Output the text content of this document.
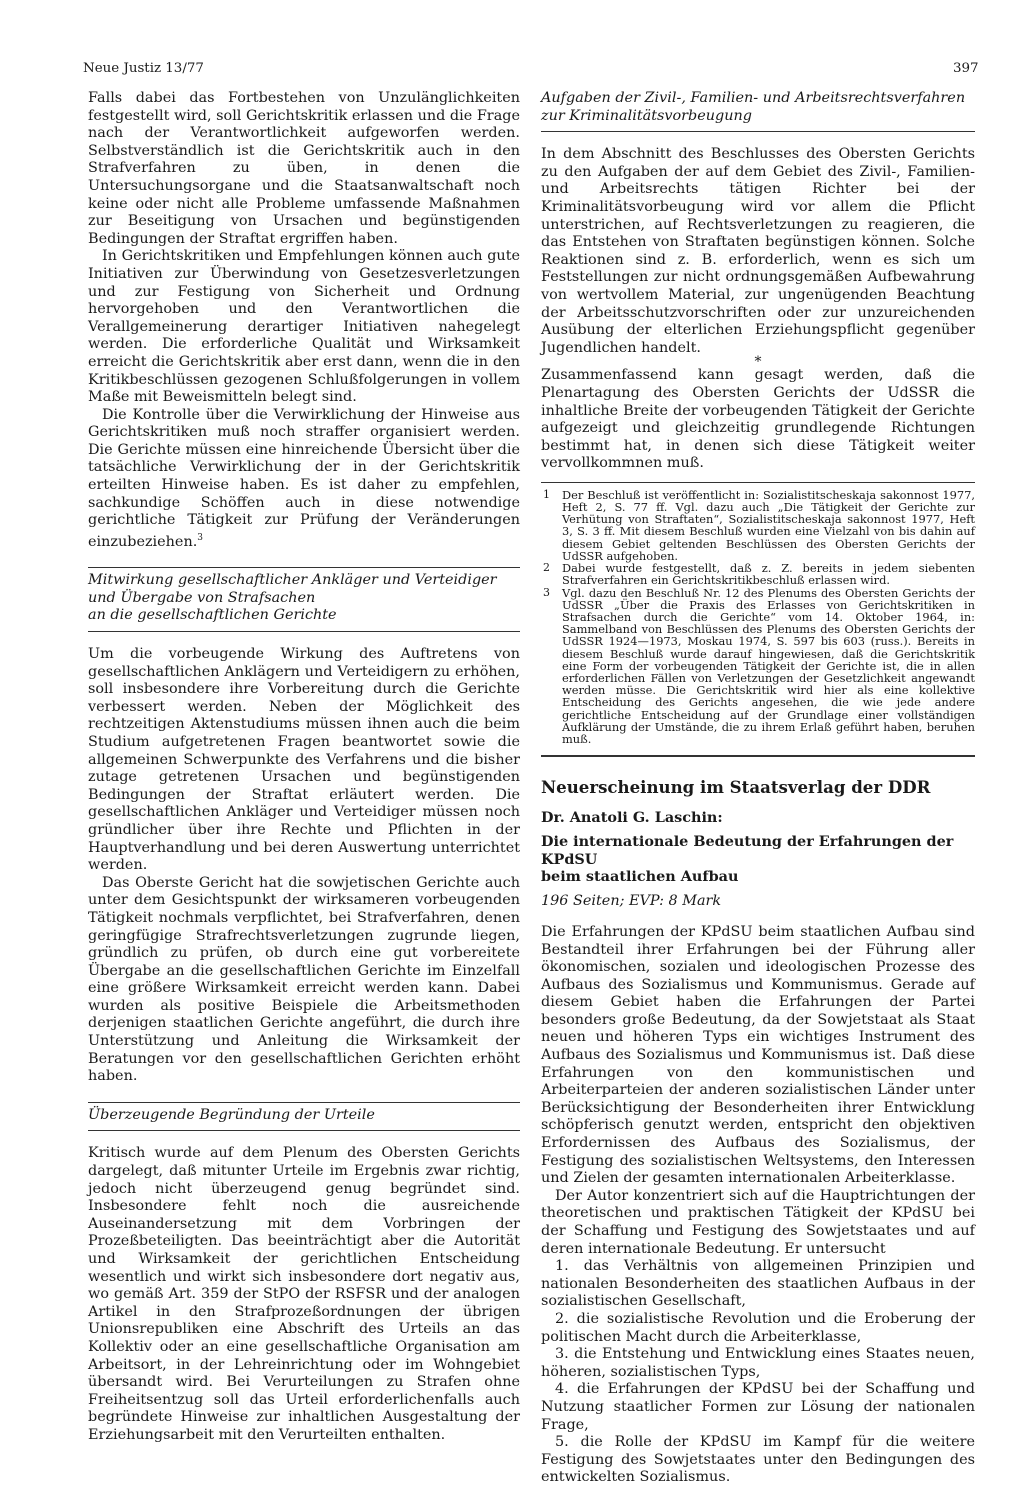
Neue Justiz 13/77	397

Falls dabei das Fortbestehen von Unzulänglichkeiten festgestellt wird, soll Gerichtskritik erlassen und die Frage nach der Verantwortlichkeit aufgeworfen werden. Selbstverständlich ist die Gerichtskritik auch in den Strafverfahren zu üben, in denen die Untersuchungsorgane und die Staatsanwaltschaft noch keine oder nicht alle Probleme umfassende Maßnahmen zur Beseitigung von Ursachen und begünstigenden Bedingungen der Straftat ergriffen haben.

In Gerichtskritiken und Empfehlungen können auch gute Initiativen zur Überwindung von Gesetzesverletzungen und zur Festigung von Sicherheit und Ordnung hervorgehoben und den Verantwortlichen die Verallgemeinerung derartiger Initiativen nahegelegt werden. Die erforderliche Qualität und Wirksamkeit erreicht die Gerichtskritik aber erst dann, wenn die in den Kritikbeschlüssen gezogenen Schlußfolgerungen in vollem Maße mit Beweismitteln belegt sind.

Die Kontrolle über die Verwirklichung der Hinweise aus Gerichtskritiken muß noch straffer organisiert werden. Die Gerichte müssen eine hinreichende Übersicht über die tatsächliche Verwirklichung der in der Gerichtskritik erteilten Hinweise haben. Es ist daher zu empfehlen, sachkundige Schöffen auch in diese notwendige gerichtliche Tätigkeit zur Prüfung der Veränderungen einzubeziehen.$^3$

Mitwirkung gesellschaftlicher Ankläger und Verteidiger
und Übergabe von Strafsachen
an die gesellschaftlichen Gerichte

Um die vorbeugende Wirkung des Auftretens von gesellschaftlichen Anklägern und Verteidigern zu erhöhen, soll insbesondere ihre Vorbereitung durch die Gerichte verbessert werden. Neben der Möglichkeit des rechtzeitigen Aktenstudiums müssen ihnen auch die beim Studium aufgetretenen Fragen beantwortet sowie die allgemeinen Schwerpunkte des Verfahrens und die bisher zutage getretenen Ursachen und begünstigenden Bedingungen der Straftat erläutert werden. Die gesellschaftlichen Ankläger und Verteidiger müssen noch gründlicher über ihre Rechte und Pflichten in der Hauptverhandlung und bei deren Auswertung unterrichtet werden.

Das Oberste Gericht hat die sowjetischen Gerichte auch unter dem Gesichtspunkt der wirksameren vorbeugenden Tätigkeit nochmals verpflichtet, bei Strafverfahren, denen geringfügige Strafrechtsverletzungen zugrunde liegen, gründlich zu prüfen, ob durch eine gut vorbereitete Übergabe an die gesellschaftlichen Gerichte im Einzelfall eine größere Wirksamkeit erreicht werden kann. Dabei wurden als positive Beispiele die Arbeitsmethoden derjenigen staatlichen Gerichte angeführt, die durch ihre Unterstützung und Anleitung die Wirksamkeit der Beratungen vor den gesellschaftlichen Gerichten erhöht haben.

Überzeugende Begründung der Urteile

Kritisch wurde auf dem Plenum des Obersten Gerichts dargelegt, daß mitunter Urteile im Ergebnis zwar richtig, jedoch nicht überzeugend genug begründet sind. Insbesondere fehlt noch die ausreichende Auseinandersetzung mit dem Vorbringen der Prozeßbeteiligten. Das beeinträchtigt aber die Autorität und Wirksamkeit der gerichtlichen Entscheidung wesentlich und wirkt sich insbesondere dort negativ aus, wo gemäß Art. 359 der StPO der RSFSR und der analogen Artikel in den Strafprozeßordnungen der übrigen Unionsrepubliken eine Abschrift des Urteils an das Kollektiv oder an eine gesellschaftliche Organisation am Arbeitsort, in der Lehreinrichtung oder im Wohngebiet übersandt wird. Bei Verurteilungen zu Strafen ohne Freiheitsentzug soll das Urteil erforderlichenfalls auch begründete Hinweise zur inhaltlichen Ausgestaltung der Erziehungsarbeit mit den Verurteilten enthalten.

Aufgaben der Zivil-, Familien- und Arbeitsrechtsverfahren
zur Kriminalitätsvorbeugung

In dem Abschnitt des Beschlusses des Obersten Gerichts zu den Aufgaben der auf dem Gebiet des Zivil-, Familien- und Arbeitsrechts tätigen Richter bei der Kriminalitätsvorbeugung wird vor allem die Pflicht unterstrichen, auf Rechtsverletzungen zu reagieren, die das Entstehen von Straftaten begünstigen können. Solche Reaktionen sind z. B. erforderlich, wenn es sich um Feststellungen zur nicht ordnungsgemäßen Aufbewahrung von wertvollem Material, zur ungenügenden Beachtung der Arbeitsschutzvorschriften oder zur unzureichenden Ausübung der elterlichen Erziehungspflicht gegenüber Jugendlichen handelt.

*

Zusammenfassend kann gesagt werden, daß die Plenartagung des Obersten Gerichts der UdSSR die inhaltliche Breite der vorbeugenden Tätigkeit der Gerichte aufgezeigt und gleichzeitig grundlegende Richtungen bestimmt hat, in denen sich diese Tätigkeit weiter vervollkommnen muß.

1 Der Beschluß ist veröffentlicht in: Sozialistitscheskaja sakonnost 1977, Heft 2, S. 77 ff. Vgl. dazu auch „Die Tätigkeit der Gerichte zur Verhütung von Straftaten“, Sozialistitscheskaja sakonnost 1977, Heft 3, S. 3 ff. Mit diesem Beschluß wurden eine Vielzahl von bis dahin auf diesem Gebiet geltenden Beschlüssen des Obersten Gerichts der UdSSR aufgehoben.

2 Dabei wurde festgestellt, daß z. Z. bereits in jedem siebenten Strafverfahren ein Gerichtskritikbeschluß erlassen wird.

3 Vgl. dazu den Beschluß Nr. 12 des Plenums des Obersten Gerichts der UdSSR „Über die Praxis des Erlasses von Gerichtskritiken in Strafsachen durch die Gerichte“ vom 14. Oktober 1964, in: Sammelband von Beschlüssen des Plenums des Obersten Gerichts der UdSSR 1924—1973, Moskau 1974, S. 597 bis 603 (russ.). Bereits in diesem Beschluß wurde darauf hingewiesen, daß die Gerichtskritik eine Form der vorbeugenden Tätigkeit der Gerichte ist, die in allen erforderlichen Fällen von Verletzungen der Gesetzlichkeit angewandt werden müsse. Die Gerichtskritik wird hier als eine kollektive Entscheidung des Gerichts angesehen, die wie jede andere gerichtliche Entscheidung auf der Grundlage einer vollständigen Aufklärung der Umstände, die zu ihrem Erlaß geführt haben, beruhen muß.

Neuerscheinung im Staatsverlag der DDR
Dr. Anatoli G. Laschin:
Die internationale Bedeutung der Erfahrungen der KPdSU
beim staatlichen Aufbau
196 Seiten; EVP: 8 Mark

Die Erfahrungen der KPdSU beim staatlichen Aufbau sind Bestandteil ihrer Erfahrungen bei der Führung aller ökonomischen, sozialen und ideologischen Prozesse des Aufbaus des Sozialismus und Kommunismus. Gerade auf diesem Gebiet haben die Erfahrungen der Partei besonders große Bedeutung, da der Sowjetstaat als Staat neuen und höheren Typs ein wichtiges Instrument des Aufbaus des Sozialismus und Kommunismus ist. Daß diese Erfahrungen von den kommunistischen und Arbeiterparteien der anderen sozialistischen Länder unter Berücksichtigung der Besonderheiten ihrer Entwicklung schöpferisch genutzt werden, entspricht den objektiven Erfordernissen des Aufbaus des Sozialismus, der Festigung des sozialistischen Weltsystems, den Interessen und Zielen der gesamten internationalen Arbeiterklasse.

Der Autor konzentriert sich auf die Hauptrichtungen der theoretischen und praktischen Tätigkeit der KPdSU bei der Schaffung und Festigung des Sowjetstaates und auf deren internationale Bedeutung. Er untersucht

1. das Verhältnis von allgemeinen Prinzipien und nationalen Besonderheiten des staatlichen Aufbaus in der sozialistischen Gesellschaft,

2. die sozialistische Revolution und die Eroberung der politischen Macht durch die Arbeiterklasse,

3. die Entstehung und Entwicklung eines Staates neuen, höheren, sozialistischen Typs,

4. die Erfahrungen der KPdSU bei der Schaffung und Nutzung staatlicher Formen zur Lösung der nationalen Frage,

5. die Rolle der KPdSU im Kampf für die weitere Festigung des Sowjetstaates unter den Bedingungen des entwickelten Sozialismus.
